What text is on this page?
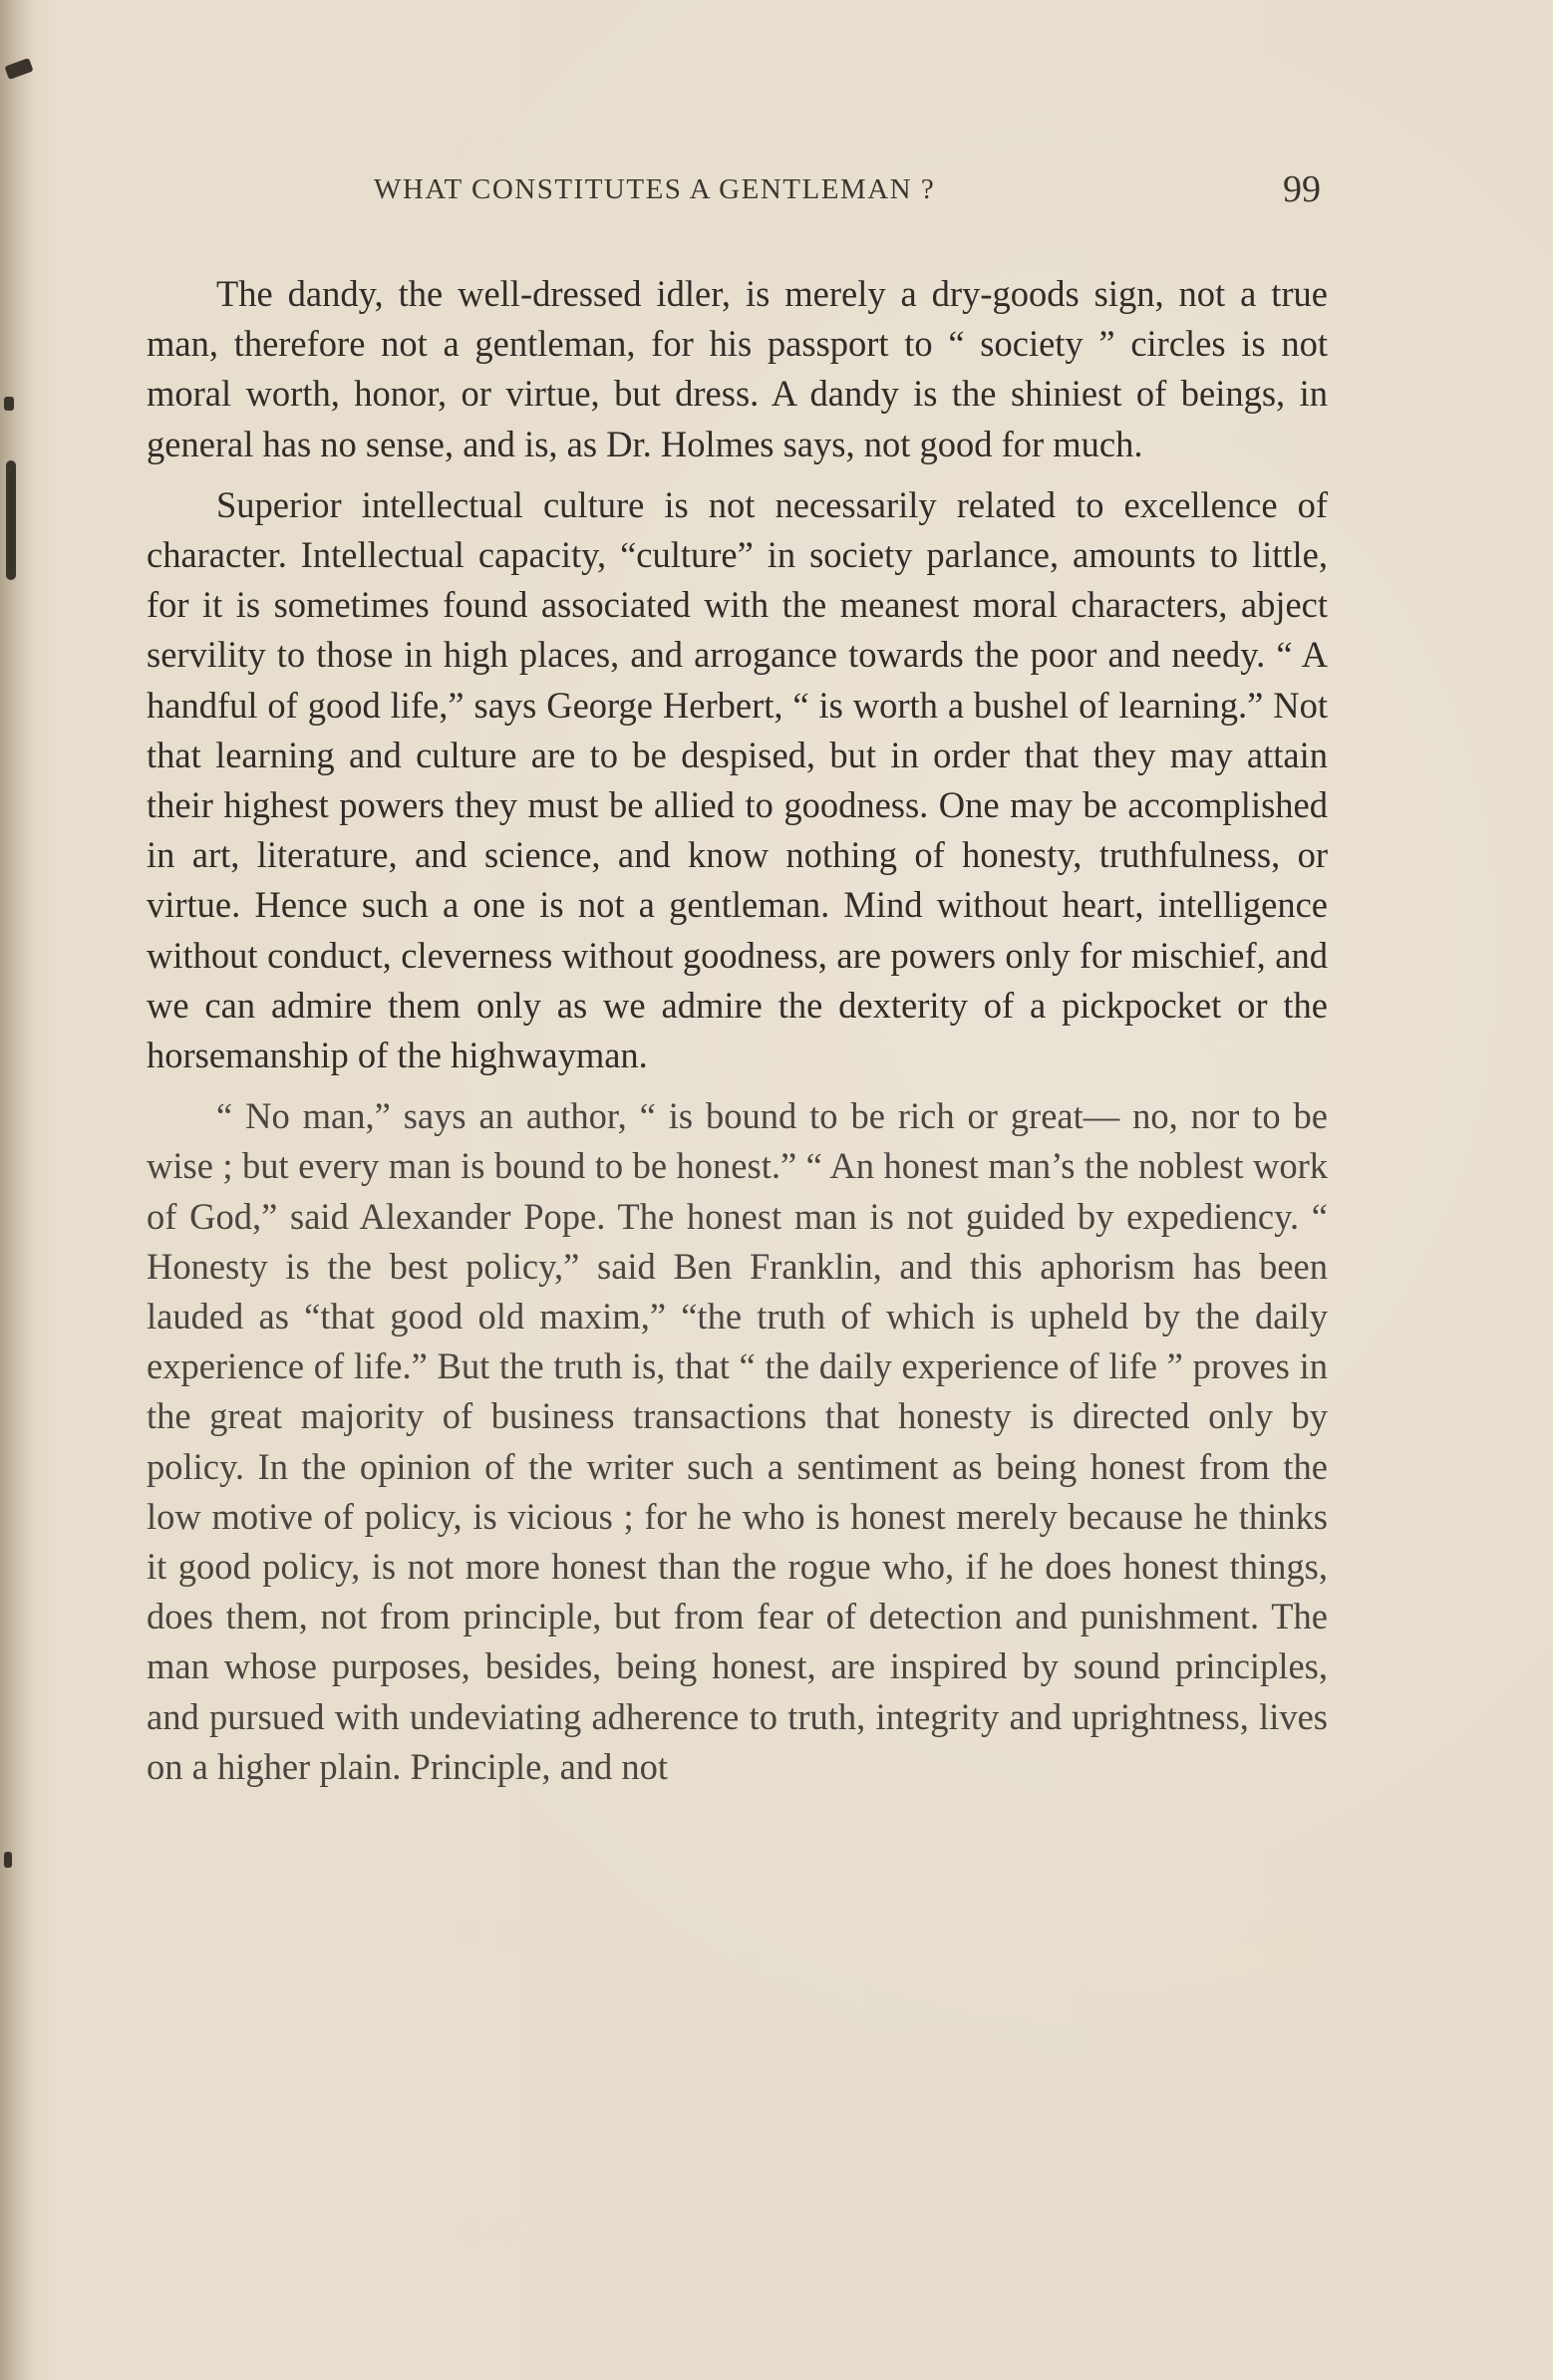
WHAT CONSTITUTES A GENTLEMAN ?	99

The dandy, the well-dressed idler, is merely a dry-goods sign, not a true man, therefore not a gentleman, for his passport to “ society ” circles is not moral worth, honor, or virtue, but dress. A dandy is the shiniest of beings, in general has no sense, and is, as Dr. Holmes says, not good for much.

Superior intellectual culture is not necessarily related to excellence of character. Intellectual capacity, “culture” in society parlance, amounts to little, for it is sometimes found associated with the meanest moral characters, abject servility to those in high places, and arrogance towards the poor and needy. “ A handful of good life,” says George Herbert, “ is worth a bushel of learning.” Not that learning and culture are to be despised, but in order that they may attain their highest powers they must be allied to goodness. One may be accomplished in art, literature, and science, and know nothing of honesty, truthfulness, or virtue. Hence such a one is not a gentleman. Mind without heart, intelligence without conduct, cleverness without goodness, are powers only for mischief, and we can admire them only as we admire the dexterity of a pickpocket or the horsemanship of the highwayman.

“ No man,” says an author, “ is bound to be rich or great— no, nor to be wise ; but every man is bound to be honest.” “ An honest man’s the noblest work of God,” said Alexander Pope. The honest man is not guided by expediency. “ Honesty is the best policy,” said Ben Franklin, and this aphorism has been lauded as “that good old maxim,” “the truth of which is upheld by the daily experience of life.” But the truth is, that “ the daily experience of life ” proves in the great majority of business transactions that honesty is directed only by policy. In the opinion of the writer such a sentiment as being honest from the low motive of policy, is vicious ; for he who is honest merely because he thinks it good policy, is not more honest than the rogue who, if he does honest things, does them, not from principle, but from fear of detection and punishment. The man whose purposes, besides, being honest, are inspired by sound principles, and pursued with undeviating adherence to truth, integrity and uprightness, lives on a higher plain. Principle, and not
